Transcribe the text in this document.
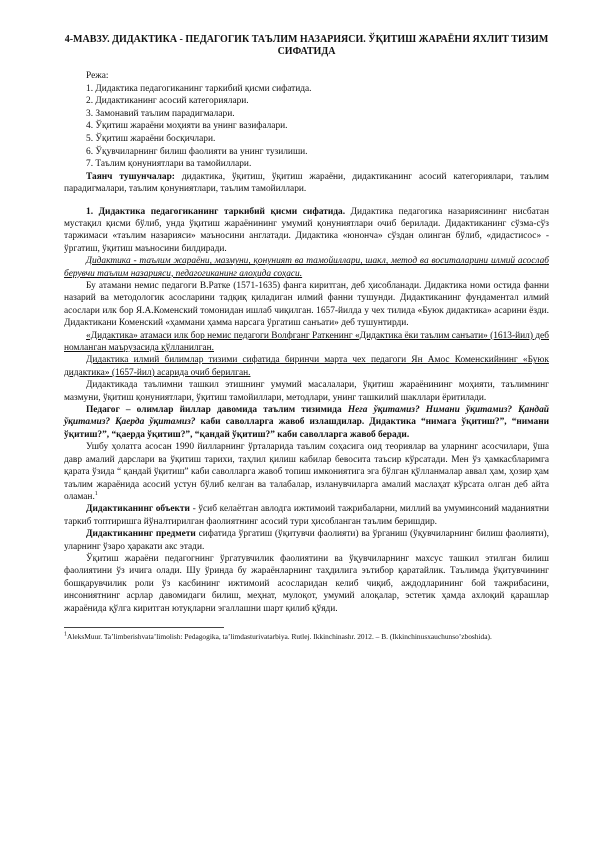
4-МАВЗУ. ДИДАКТИКА - ПЕДАГОГИК ТАЪЛИМ НАЗАРИЯСИ. ЎҚИТИШ ЖАРАЁНИ ЯХЛИТ ТИЗИМ СИФАТИДА
Режа:
1. Дидактика педагогиканинг таркибий қисми сифатида.
2. Дидактиканинг асосий категориялари.
3. Замонавий таълим парадигмалари.
4. Ўқитиш жараёни моҳияти ва унинг вазифалари.
5. Ўқитиш жараёни босқичлари.
6. Ўқувчиларнинг билиш фаолияти ва унинг тузилиши.
7. Таълим қонуниятлари ва тамойиллари.

Таянч тушунчалар: дидактика, ўқитиш, ўқитиш жараёни, дидактиканинг асосий категориялари, таълим парадигмалари, таълим қонуниятлари, таълим тамойиллари.

1. Дидактика педагогиканинг таркибий қисми сифатида. Дидактика педагогика назариясининг нисбатан мустақил қисми бўлиб, унда ўқитиш жараёнининг умумий қонуниятлари очиб берилади. Дидактиканинг сўзма-сўз таржимаси «таълим назарияси» маъносини англатади. Дидактика «юнонча» сўздан олинган бўлиб, «дидастисос» - ўргатиш, ўқитиш маъносини билдиради.

Дидактика - таълим жараёни, мазмуни, қонуният ва тамойиллари, шакл, метод ва воситаларини илмий асослаб берувчи таълим назарияси, педагогиканинг алоҳида соҳаси.

Бу атамани немис педагоги В.Ратке (1571-1635) фанга киритган, деб ҳисобланади. Дидактика номи остида фанни назарий ва методологик асосларини тадқиқ қиладиган илмий фанни тушунди. Дидактиканинг фундаментал илмий асослари илк бор Я.А.Коменский томонидан ишлаб чиқилган. 1657-йилда у чех тилида «Буюк дидактика» асарини ёзди. Дидактикани Коменский «ҳаммани ҳамма нарсага ўргатиш санъати» деб тушунтирди.

«Дидактика» атамаси илк бор немис педагоги Волфганг Раткенинг «Дидактика ёки таълим санъати» (1613-йил) деб номланган маърузасида қўлланилган.

Дидактика илмий билимлар тизими сифатида биринчи марта чех педагоги Ян Амос Коменскийнинг «Буюк дидактика» (1657-йил) асарида очиб берилган.

Дидактикада таълимни ташкил этишнинг умумий масалалари, ўқитиш жараёнининг моҳияти, таълимнинг мазмуни, ўқитиш қонуниятлари, ўқитиш тамойиллари, методлари, унинг ташкилий шакллари ёритилади.

Педагог – олимлар йиллар давомида таълим тизимида Нега ўқитамиз? Нимани ўқитамиз? Қандай ўқитамиз? Қаерда ўқитамиз? каби саволларга жавоб излашдилар. Дидактика “нимага ўқитиш?”, “нимани ўқитиш?”, “қаерда ўқитиш?”, “қандай ўқитиш?” каби саволларга жавоб беради.

Ушбу ҳолатга асосан 1990 йилларнинг ўрталарида таълим соҳасига оид теориялар ва уларнинг асосчилари, ўша давр амалий дарслари ва ўқитиш тарихи, таҳлил қилиш кабилар бевосита таъсир кўрсатади. Мен ўз ҳамкасбларимга қарата ўзида “ қандай ўқитиш” каби саволларга жавоб топиш имкониятига эга бўлган қўлланмалар аввал ҳам, ҳозир ҳам таълим жараёнида асосий устун бўлиб келган ва талабалар, изланувчиларга амалий маслаҳат кўрсата олган деб айта оламан.$^1$

Дидактиканинг объекти - ўсиб келаётган авлодга ижтимоий тажрибаларни, миллий ва умуминсоний маданиятни таркиб топтиришга йўналтирилган фаолиятнинг асосий тури ҳисобланган таълим беришдир.

Дидактиканинг предмети сифатида ўргатиш (ўқитувчи фаолияти) ва ўрганиш (ўқувчиларнинг билиш фаолияти), уларнинг ўзаро ҳаракати акс этади.

Ўқитиш жараёни педагогнинг ўргатувчилик фаолиятини ва ўқувчиларнинг махсус ташкил этилган билиш фаолиятини ўз ичига олади. Шу ўринда бу жараёнларнинг таҳдилига эътибор қаратайлик. Таълимда ўқитувчининг бошқарувчилик роли ўз касбининг ижтимоий асосларидан келиб чиқиб, аждодларининг бой тажрибасини, инсониятнинг асрлар давомидаги билиш, меҳнат, мулоқот, умумий алоқалар, эстетик ҳамда ахлоқий қарашлар жараёнида қўлга киритган ютуқларни эгаллашни шарт қилиб қўяди.

$^1$AleksMuur. Ta’limberishvata’limolish: Pedagogika, ta’limdasturivatarbiya. Rutlej. Ikkinchinashr. 2012. – B. (Ikkinchinusxauchunso’zboshida).
